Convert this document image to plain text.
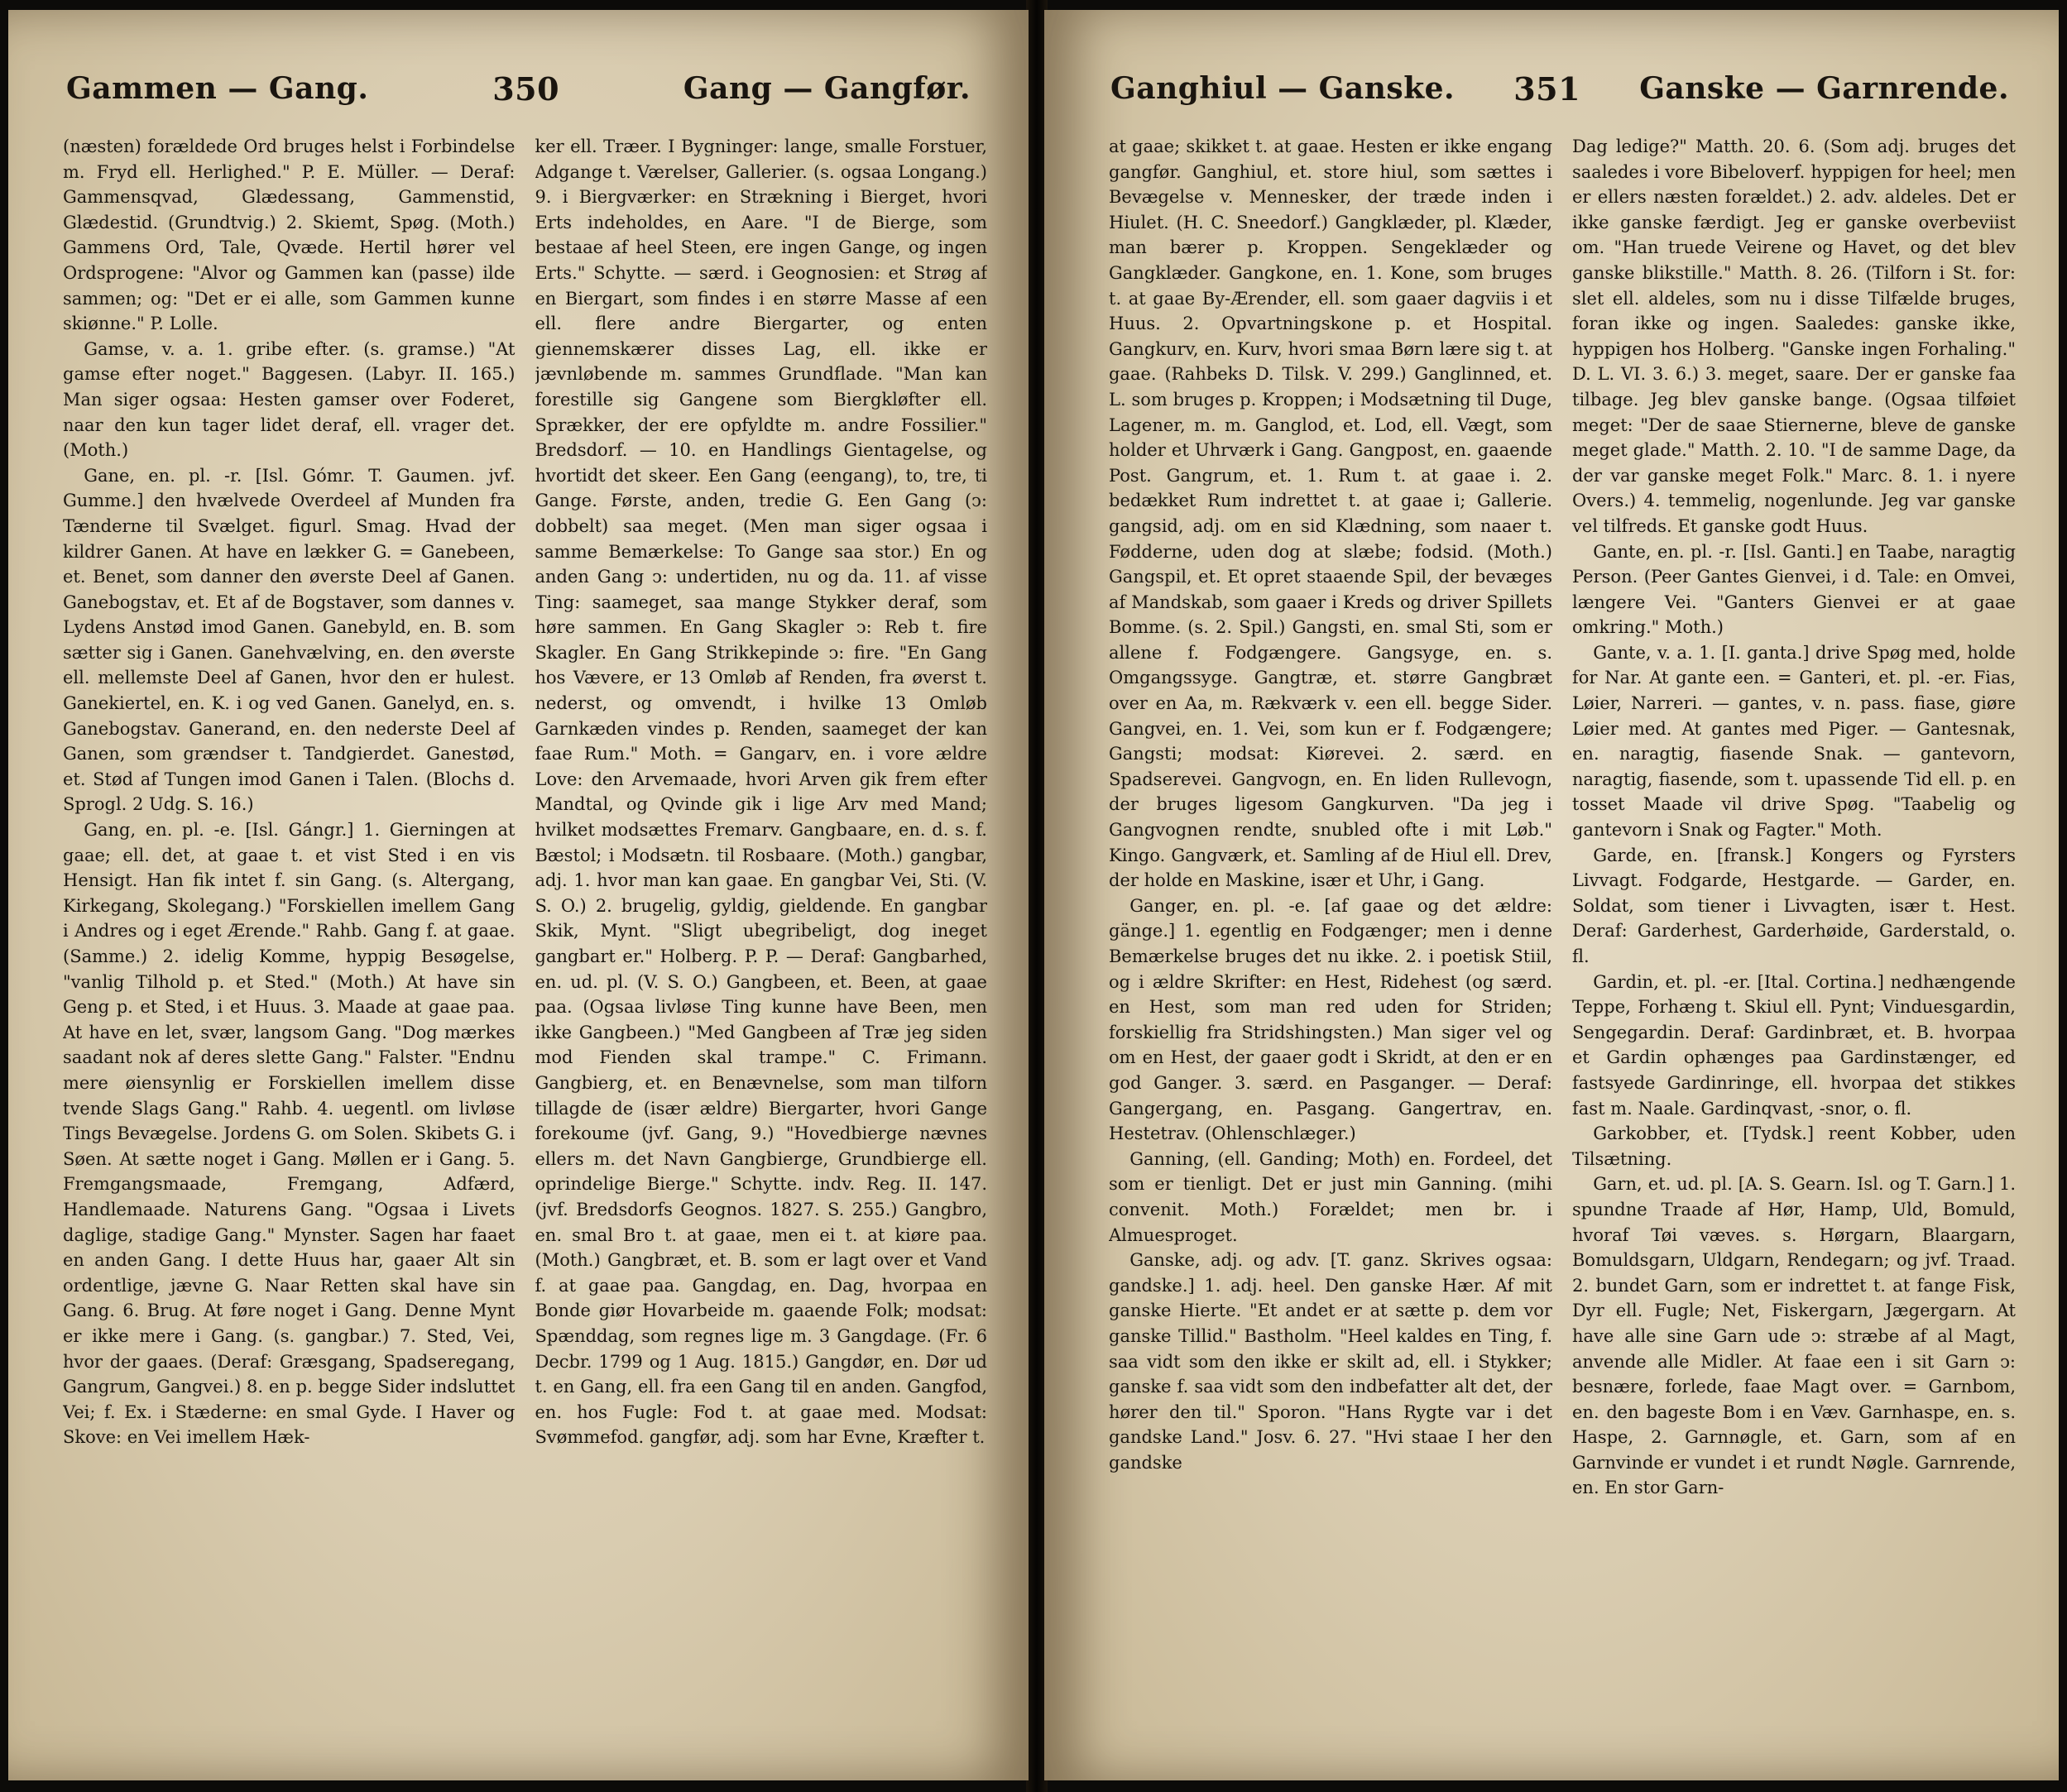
Gammen — Gang.	350	Gang — Gangfør.

(næsten) forældede Ord bruges helst i Forbindelse m. Fryd ell. Herlighed." P. E. Müller. — Deraf: Gammensqvad, Glædessang, Gammenstid, Glædestid. (Grundtvig.) 2. Skiemt, Spøg. (Moth.) Gammens Ord, Tale, Qvæde. Hertil hører vel Ordsprogene: "Alvor og Gammen kan (passe) ilde sammen; og: "Det er ei alle, som Gammen kunne skiønne." P. Lolle.

Gamse, v. a. 1. gribe efter. (s. gramse.) "At gamse efter noget." Baggesen. (Labyr. II. 165.) Man siger ogsaa: Hesten gamser over Foderet, naar den kun tager lidet deraf, ell. vrager det. (Moth.)

Gane, en. pl. -r. [Isl. Gómr. T. Gaumen. jvf. Gumme.] den hvælvede Overdeel af Munden fra Tænderne til Svælget. figurl. Smag. Hvad der kildrer Ganen. At have en lækker G. = Ganebeen, et. Benet, som danner den øverste Deel af Ganen. Ganebogstav, et. Et af de Bogstaver, som dannes v. Lydens Anstød imod Ganen. Ganebyld, en. B. som sætter sig i Ganen. Ganehvælving, en. den øverste ell. mellemste Deel af Ganen, hvor den er hulest. Ganekiertel, en. K. i og ved Ganen. Ganelyd, en. s. Ganebogstav. Ganerand, en. den nederste Deel af Ganen, som grændser t. Tandgierdet. Ganestød, et. Stød af Tungen imod Ganen i Talen. (Blochs d. Sprogl. 2 Udg. S. 16.)

Gang, en. pl. -e. [Isl. Gángr.] 1. Gierningen at gaae; ell. det, at gaae t. et vist Sted i en vis Hensigt. Han fik intet f. sin Gang. (s. Altergang, Kirkegang, Skolegang.) "Forskiellen imellem Gang i Andres og i eget Ærende." Rahb. Gang f. at gaae. (Samme.) 2. idelig Komme, hyppig Besøgelse, "vanlig Tilhold p. et Sted." (Moth.) At have sin Geng p. et Sted, i et Huus. 3. Maade at gaae paa. At have en let, svær, langsom Gang. "Dog mærkes saadant nok af deres slette Gang." Falster. "Endnu mere øiensynlig er Forskiellen imellem disse tvende Slags Gang." Rahb. 4. uegentl. om livløse Tings Bevægelse. Jordens G. om Solen. Skibets G. i Søen. At sætte noget i Gang. Møllen er i Gang. 5. Fremgangsmaade, Fremgang, Adfærd, Handlemaade. Naturens Gang. "Ogsaa i Livets dagligе, stadige Gang." Mynster. Sagen har faaet en anden Gang. I dette Huus har, gaaer Alt sin ordentlige, jævne G. Naar Retten skal have sin Gang. 6. Brug. At føre noget i Gang. Denne Mynt er ikke mere i Gang. (s. gangbar.) 7. Sted, Vei, hvor der gaaes. (Deraf: Græsgang, Spadseregang, Gangrum, Gangvei.) 8. en p. begge Sider indsluttet Vei; f. Ex. i Stæderne: en smal Gyde. I Haver og Skove: en Vei imellem Hæk-

ker ell. Træer. I Bygninger: lange, smalle Forstuer, Adgange t. Værelser, Gallerier. (s. ogsaa Longang.) 9. i Biergværker: en Strækning i Bierget, hvori Erts indeholdes, en Aare. "I de Bierge, som bestaae af heel Steen, ere ingen Gange, og ingen Erts." Schytte. — særd. i Geognosien: et Strøg af en Biergart, som findes i en større Masse af een ell. flere andre Biergarter, og enten giennemskærer disses Lag, ell. ikke er jævnløbende m. sammes Grundflade. "Man kan forestille sig Gangene som Biergkløfter ell. Sprækker, der ere opfyldte m. andre Fossilier." Bredsdorf. — 10. en Handlings Gientagelse, og hvortidt det skeer. Een Gang (eengang), to, tre, ti Gange. Første, anden, tredie G. Een Gang (ↄ: dobbelt) saa meget. (Men man siger ogsaa i samme Bemærkelse: To Gange saa stor.) En og anden Gang ↄ: undertiden, nu og da. 11. af visse Ting: saameget, saa mange Stykker deraf, som høre sammen. En Gang Skagler ↄ: Reb t. fire Skagler. En Gang Strikkepinde ↄ: fire. "En Gang hos Vævere, er 13 Omløb af Renden, fra øverst t. nederst, og omvendt, i hvilke 13 Omløb Garnkæden vindes p. Renden, saameget der kan faae Rum." Moth. = Gangarv, en. i vore ældre Love: den Arvemaade, hvori Arven gik frem efter Mandtal, og Qvinde gik i lige Arv med Mand; hvilket modsættes Fremarv. Gangbaare, en. d. s. f. Bæstol; i Modsætn. til Rosbaare. (Moth.) gangbar, adj. 1. hvor man kan gaae. En gangbar Vei, Sti. (V. S. O.) 2. brugelig, gyldig, gieldende. En gangbar Skik, Mynt. "Sligt ubegribeligt, dog ineget gangbart er." Holberg. P. P. — Deraf: Gangbarhed, en. ud. pl. (V. S. O.) Gangbeen, et. Been, at gaae paa. (Ogsaa livløse Ting kunne have Been, men ikke Gangbeen.) "Med Gangbeen af Træ jeg siden mod Fienden skal trampe." C. Frimann. Gangbierg, et. en Benævnelse, som man tilforn tillagde de (især ældre) Biergarter, hvori Gange forekoume (jvf. Gang, 9.) "Hovedbierge nævnes ellers m. det Navn Gangbierge, Grundbierge ell. oprindelige Bierge." Schytte. indv. Reg. II. 147. (jvf. Bredsdorfs Geognos. 1827. S. 255.) Gangbro, en. smal Bro t. at gaae, men ei t. at kiøre paa. (Moth.) Gangbræt, et. B. som er lagt over et Vand f. at gaae paa. Gangdag, en. Dag, hvorpaa en Bonde giør Hovarbeide m. gaaende Folk; modsat: Spænddag, som regnes lige m. 3 Gangdage. (Fr. 6 Decbr. 1799 og 1 Aug. 1815.) Gangdør, en. Dør ud t. en Gang, ell. fra een Gang til en anden. Gangfod, en. hos Fugle: Fod t. at gaae med. Modsat: Svømmefod. gangfør, adj. som har Evne, Kræfter t.

Ganghiul — Ganske. 351 Ganske — Garnrende.

at gaae; skikket t. at gaae. Hesten er ikke engang gangfør. Ganghiul, et. store hiul, som sættes i Bevægelse v. Mennesker, der træde inden i Hiulet. (H. C. Sneedorf.) Gangklæder, pl. Klæder, man bærer p. Kroppen. Sengeklæder og Gangklæder. Gangkone, en. 1. Kone, som bruges t. at gaae By-Ærender, ell. som gaaer dagviis i et Huus. 2. Opvartningskone p. et Hospital. Gangkurv, en. Kurv, hvori smaa Børn lære sig t. at gaae. (Rahbeks D. Tilsk. V. 299.) Ganglinned, et. L. som bruges p. Kroppen; i Modsætning til Duge, Lagener, m. m. Ganglod, et. Lod, ell. Vægt, som holder et Uhrværk i Gang. Gangpost, en. gaaende Post. Gangrum, et. 1. Rum t. at gaae i. 2. bedækket Rum indrettet t. at gaae i; Gallerie. gangsid, adj. om en sid Klædning, som naaer t. Fødderne, uden dog at slæbe; fodsid. (Moth.) Gangspil, et. Et opret staaende Spil, der bevæges af Mandskab, som gaaer i Kreds og driver Spillets Bomme. (s. 2. Spil.) Gangsti, en. smal Sti, som er allene f. Fodgængere. Gangsyge, en. s. Omgangssyge. Gangtræ, et. større Gangbræt over en Aa, m. Rækværk v. een ell. begge Sider. Gangvei, en. 1. Vei, som kun er f. Fodgængere; Gangsti; modsat: Kiørevei. 2. særd. en Spadserevei. Gangvogn, en. En liden Rullevogn, der bruges ligesom Gangkurven. "Da jeg i Gangvognen rendte, snubled ofte i mit Løb." Kingo. Gangværk, et. Samling af de Hiul ell. Drev, der holde en Maskine, især et Uhr, i Gang.

Ganger, en. pl. -e. [af gaae og det ældre: gänge.] 1. egentlig en Fodgænger; men i denne Bemærkelse bruges det nu ikke. 2. i poetisk Stiil, og i ældre Skrifter: en Hest, Ridehest (og særd. en Hest, som man red uden for Striden; forskiellig fra Stridshingsten.) Man siger vel og om en Hest, der gaaer godt i Skridt, at den er en god Ganger. 3. særd. en Pasganger. — Deraf: Gangergang, en. Pasgang. Gangertrav, en. Hestetrav. (Ohlenschlæger.)

Ganning, (ell. Ganding; Moth) en. Fordeel, det som er tienligt. Det er just min Ganning. (mihi convenit. Moth.) Forældet; men br. i Almuesproget.

Ganske, adj. og adv. [T. ganz. Skrives ogsaa: gandske.] 1. adj. heel. Den ganske Hær. Af mit ganske Hierte. "Et andet er at sætte p. dem vor ganske Tillid." Bastholm. "Heel kaldes en Ting, f. saa vidt som den ikke er skilt ad, ell. i Stykker; ganske f. saa vidt som den indbefatter alt det, der hører den til." Sporon. "Hans Rygte var i det gandske Land." Josv. 6. 27. "Hvi staae I her den gandske

Dag ledige?" Matth. 20. 6. (Som adj. bruges det saaledes i vore Bibeloverf. hyppigen for heel; men er ellers næsten forældet.) 2. adv. aldeles. Det er ikke ganske færdigt. Jeg er ganske overbeviist om. "Han truede Veirene og Havet, og det blev ganske blikstille." Matth. 8. 26. (Tilforn i St. for: slet ell. aldeles, som nu i disse Tilfælde bruges, foran ikke og ingen. Saaledes: ganske ikke, hyppigen hos Holberg. "Ganske ingen Forhaling." D. L. VI. 3. 6.) 3. meget, saare. Der er ganske faa tilbage. Jeg blev ganske bange. (Ogsaa tilføiet meget: "Der de saae Stiernerne, bleve de ganske meget glade." Matth. 2. 10. "I de samme Dage, da der var ganske meget Folk." Marc. 8. 1. i nyere Overs.) 4. temmelig, nogenlunde. Jeg var ganske vel tilfreds. Et ganske godt Huus.

Gante, en. pl. -r. [Isl. Ganti.] en Taabe, naragtig Person. (Peer Gantes Gienvei, i d. Tale: en Omvei, længere Vei. "Ganters Gienvei er at gaae omkring." Moth.)

Gante, v. a. 1. [I. ganta.] drive Spøg med, holde for Nar. At gante een. = Ganteri, et. pl. -er. Fias, Løier, Narreri. — gantes, v. n. pass. fiase, giøre Løier med. At gantes med Piger. — Gantesnak, en. naragtig, fiasende Snak. — gantevorn, naragtig, fiasende, som t. upassende Tid ell. p. en tosset Maade vil drive Spøg. "Taabelig og gantevorn i Snak og Fagter." Moth.

Garde, en. [fransk.] Kongers og Fyrsters Livvagt. Fodgarde, Hestgarde. — Garder, en. Soldat, som tiener i Livvagten, især t. Hest. Deraf: Garderhest, Garderhøide, Garderstald, o. fl.

Gardin, et. pl. -er. [Ital. Cortina.] nedhængende Teppe, Forhæng t. Skiul ell. Pynt; Vinduesgardin, Sengegardin. Deraf: Gardinbræt, et. B. hvorpaa et Gardin ophænges paa Gardinstænger, ed fastsyede Gardinringe, ell. hvorpaa det stikkes fast m. Naale. Gardinqvast, -snor, o. fl.

Garkobber, et. [Tydsk.] reent Kobber, uden Tilsætning.

Garn, et. ud. pl. [A. S. Gearn. Isl. og T. Garn.] 1. spundne Traade af Hør, Hamp, Uld, Bomuld, hvoraf Tøi væves. s. Hørgarn, Blaargarn, Bomuldsgarn, Uldgarn, Rendegarn; og jvf. Traad. 2. bundet Garn, som er indrettet t. at fange Fisk, Dyr ell. Fugle; Net, Fiskergarn, Jægergarn. At have alle sine Garn ude ↄ: stræbe af al Magt, anvende alle Midler. At faae een i sit Garn ↄ: besnære, forlede, faae Magt over. = Garnbom, en. den bageste Bom i en Væv. Garnhaspe, en. s. Haspe, 2. Garnnøgle, et. Garn, som af en Garnvinde er vundet i et rundt Nøgle. Garnrende, en. En stor Garn-
